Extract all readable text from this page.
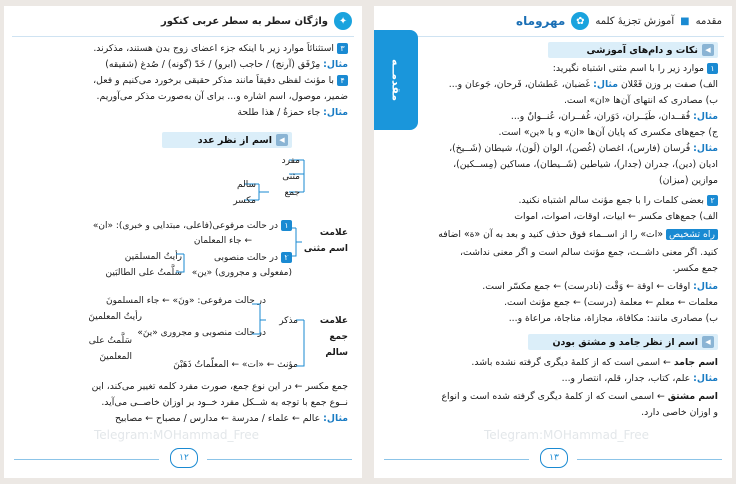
✦
واژگان سطر به سطر عربی کنکور
۳استثنائاً موارد زیر با اینکه جزء اعضای زوج بدن هستند، مذکرند.
مثال: مِرْفَق (آرنج) / حاجب (ابرو) / خَدّ (گونه) / صُدغ (شقیقه)
۴با مؤنث لفظی دقیقاً مانند مذکر حقیقی برخورد می‌کنیم و فعل،
ضمیر، موصول، اسم اشاره و... برای آن به‌صورت مذکر می‌آوریم.
مثال: جاء حمزةُ / هذا طلحة
◀
اسم از نظر عدد
مفرد
مثنی
جمع
سالم
مکسر
علامت
اسم مثنی
۱در حالت مرفوعی(فاعلی، مبتدایی و خبری): «ان»
← جاء المعلمان
۲در حالت منصوبی
رأیتُ المسلمَین
(مفعولی و مجروری) «ین»
سَلَّمتُ علی الطالبَین
علامت
جمع
سالم
مذکر
در حالت مرفوعی: «ونَ» ← جاء المسلمونَ
رأیتُ المعلمینَ
در حالت منصوبی و مجروری «ینَ»
سَلَّمتُ علی
المعلمینَ
مؤنث ← «ات» ← المعلّماتُ ذَهَبْنَ
جمع مکسر ← در این نوع جمع، صورت مفرد کلمه تغییر می‌کند، این
نــوع جمع با توجه به شــکل مفرد خــود بر اوزان خاصــی می‌آید.
مثال: عالم ← علماء / مدرسة ← مدارس / مصباح ← مصابیح
Telegram:MOHammad_Free
۱۲
مقدمه
■
آموزش تجزیهٔ کلمه
✿
مهروماه
مقدمــه
◀
نکات و دام‌های آموزشی
۱موارد زیر را با اسم مثنی اشتباه نگیرید:
الف) صفت بر وزن فَعْلان مثال: غَضبان، عَطشان، فَرحان، جَوعان و...
ب) مصادری که انتهای آن‌ها «ان» است.
مثال: فُقــدان، طَیَــران، دَوَران، غُفــران، عُنــوانٌ و...
ج) جمع‌های مکسری که پایان آن‌ها «ان» و یا «ین» است.
مثال: فُرسان (فارس)، اغصان (غُصن)، الوان (لَون)، شیطان (شَــیخ)،
ادیان (دین)، جدران (جدار)، شیاطین (شَــیطان)، مساکین (مِســکین)،
موازین (میزان)
۲بعضی کلمات را با جمع مؤنث سالم اشتباه نکنید.
الف) جمع‌های مکسر ← ابیات، اوقات، اصوات، اموات
راه تشخیص «ات» را از اســماء فوق حذف کنید و بعد به آن «ة» اضافه
کنید. اگر معنی داشــت، جمع مؤنث سالم است و اگر معنی نداشت،
جمع مکسر.
مثال: اوقات ← اوقة ← وَقْت (نادرست) ← جمع مکسّر است.
معلمات ← معلم ← معلمة (درست) ← جمع مؤنث است.
ب) مصادری مانند: مکافاة، مجازاة، مناجاة، مراعاة و...
◀
اسم از نظر جامد و مشتق بودن
اسم جامد ← اسمی است که از کلمهٔ دیگری گرفته نشده باشد.
مثال: علم، کتاب، جدار، قلم، انتصار و...
اسم مشتق ← اسمی است که از کلمهٔ دیگری گرفته شده است و انواع
و اوزان خاصی دارد.
Telegram:MOHammad_Free
۱۳
